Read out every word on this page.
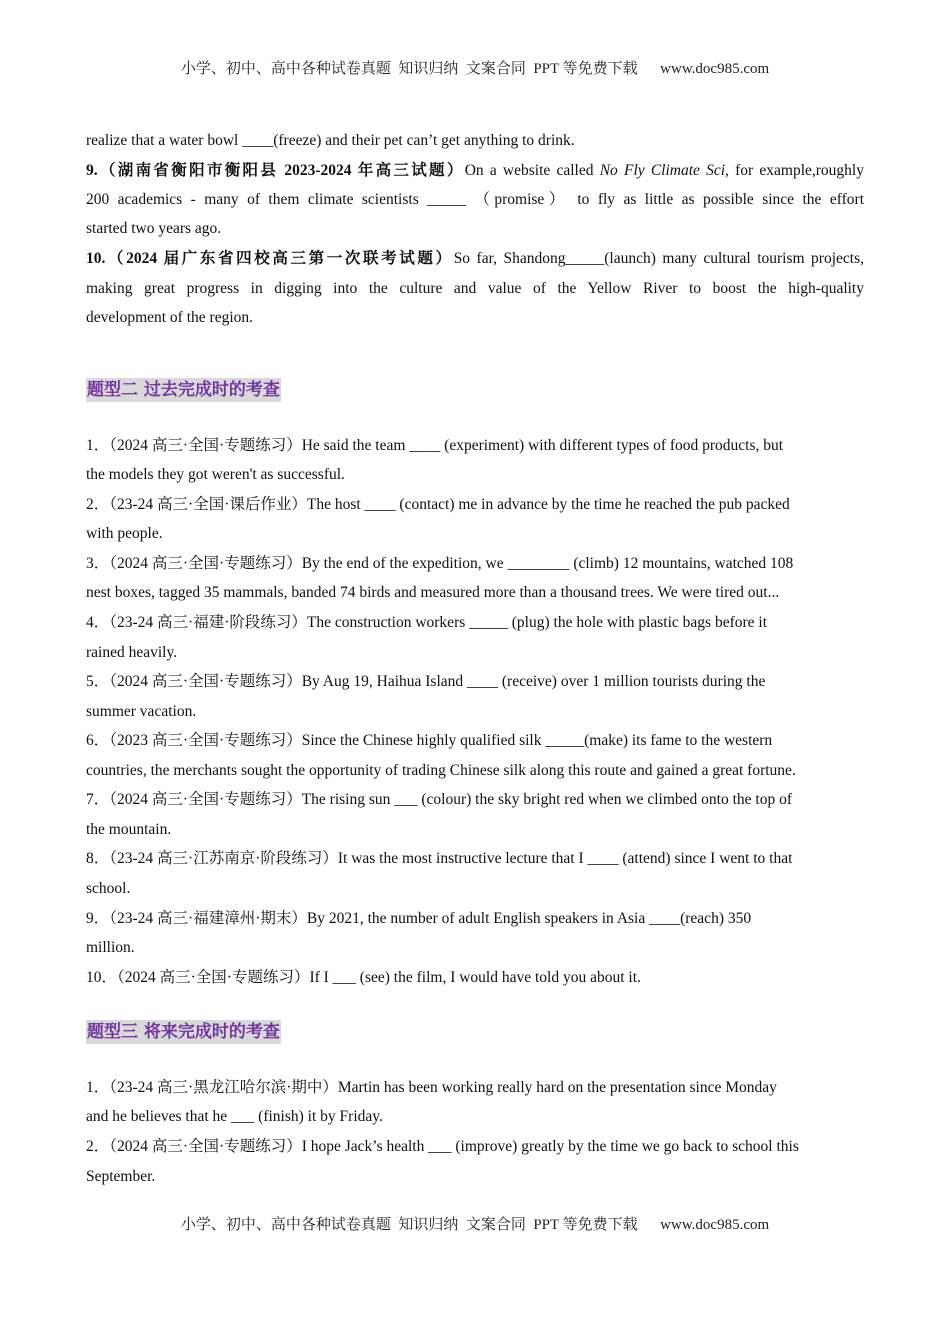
小学、初中、高中各种试卷真题  知识归纳  文案合同  PPT 等免费下载      www.doc985.com
题型二 过去完成时的考查
题型三 将来完成时的考查
realize that a water bowl ____(freeze) and their pet can’t get anything to drink.
9.（湖南省衡阳市衡阳县 2023-2024 年高三试题）On a website called No Fly Climate Sci, for example,roughly
200 academics - many of them climate scientists _____ （promise） to fly as little as possible since the effort
started two years ago.
10.（2024 届广东省四校高三第一次联考试题）So far, Shandong_____(launch) many cultural tourism projects,
making great progress in digging into the culture and value of the Yellow River to boost the high-quality
development of the region.
1．（2024 高三·全国·专题练习）He said the team ____ (experiment) with different types of food products, but
the models they got weren't as successful.
2．（23-24 高三·全国·课后作业）The host ____ (contact) me in advance by the time he reached the pub packed
with people.
3．（2024 高三·全国·专题练习）By the end of the expedition, we ________ (climb) 12 mountains, watched 108
nest boxes, tagged 35 mammals, banded 74 birds and measured more than a thousand trees. We were tired out...
4．（23-24 高三·福建·阶段练习）The construction workers _____ (plug) the hole with plastic bags before it
rained heavily.
5．（2024 高三·全国·专题练习）By Aug 19, Haihua Island ____ (receive) over 1 million tourists during the
summer vacation.
6．（2023 高三·全国·专题练习）Since the Chinese highly qualified silk _____(make) its fame to the western
countries, the merchants sought the opportunity of trading Chinese silk along this route and gained a great fortune.
7．（2024 高三·全国·专题练习）The rising sun ___ (colour) the sky bright red when we climbed onto the top of
the mountain.
8．（23-24 高三·江苏南京·阶段练习）It was the most instructive lecture that I ____ (attend) since I went to that
school.
9．（23-24 高三·福建漳州·期末）By 2021, the number of adult English speakers in Asia ____(reach) 350
million.
10．（2024 高三·全国·专题练习）If I ___ (see) the film, I would have told you about it.
1．（23-24 高三·黑龙江哈尔滨·期中）Martin has been working really hard on the presentation since Monday
and he believes that he ___ (finish) it by Friday.
2．（2024 高三·全国·专题练习）I hope Jack’s health ___ (improve) greatly by the time we go back to school this
September.
小学、初中、高中各种试卷真题  知识归纳  文案合同  PPT 等免费下载      www.doc985.com
